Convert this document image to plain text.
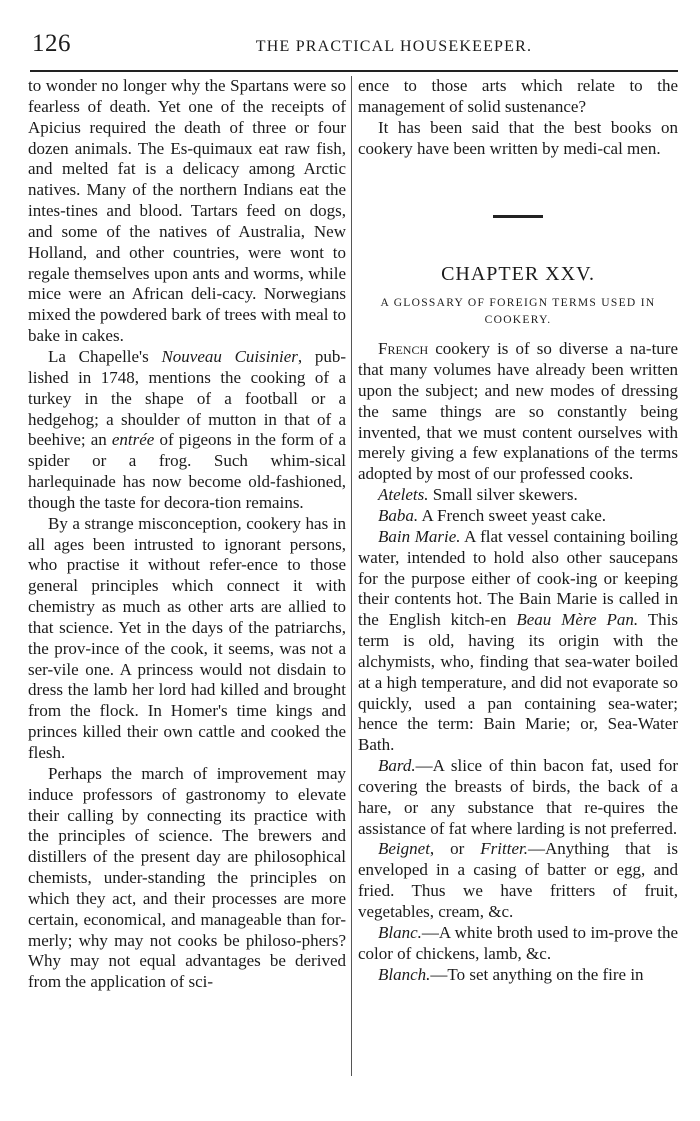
126	THE PRACTICAL HOUSEKEEPER.

to wonder no longer why the Spartans were so fearless of death. Yet one of the receipts of Apicius required the death of three or four dozen animals. The Es-quimaux eat raw fish, and melted fat is a delicacy among Arctic natives. Many of the northern Indians eat the intes-tines and blood. Tartars feed on dogs, and some of the natives of Australia, New Holland, and other countries, were wont to regale themselves upon ants and worms, while mice were an African deli-cacy. Norwegians mixed the powdered bark of trees with meal to bake in cakes.

La Chapelle's Nouveau Cuisinier, pub-lished in 1748, mentions the cooking of a turkey in the shape of a football or a hedgehog; a shoulder of mutton in that of a beehive; an entrée of pigeons in the form of a spider or a frog. Such whim-sical harlequinade has now become old-fashioned, though the taste for decora-tion remains.

By a strange misconception, cookery has in all ages been intrusted to ignorant persons, who practise it without refer-ence to those general principles which connect it with chemistry as much as other arts are allied to that science. Yet in the days of the patriarchs, the prov-ince of the cook, it seems, was not a ser-vile one. A princess would not disdain to dress the lamb her lord had killed and brought from the flock. In Homer's time kings and princes killed their own cattle and cooked the flesh.

Perhaps the march of improvement may induce professors of gastronomy to elevate their calling by connecting its practice with the principles of science. The brewers and distillers of the present day are philosophical chemists, under-standing the principles on which they act, and their processes are more certain, economical, and manageable than for-merly; why may not cooks be philoso-phers? Why may not equal advantages be derived from the application of sci-

ence to those arts which relate to the management of solid sustenance?

It has been said that the best books on cookery have been written by medi-cal men.

CHAPTER XXV.
A GLOSSARY OF FOREIGN TERMS USED IN COOKERY.

French cookery is of so diverse a na-ture that many volumes have already been written upon the subject; and new modes of dressing the same things are so constantly being invented, that we must content ourselves with merely giving a few explanations of the terms adopted by most of our professed cooks.

Atelets. Small silver skewers.

Baba. A French sweet yeast cake.

Bain Marie. A flat vessel containing boiling water, intended to hold also other saucepans for the purpose either of cook-ing or keeping their contents hot. The Bain Marie is called in the English kitch-en Beau Mère Pan. This term is old, having its origin with the alchymists, who, finding that sea-water boiled at a high temperature, and did not evaporate so quickly, used a pan containing sea-water; hence the term: Bain Marie; or, Sea-Water Bath.

Bard.—A slice of thin bacon fat, used for covering the breasts of birds, the back of a hare, or any substance that re-quires the assistance of fat where larding is not preferred.

Beignet, or Fritter.—Anything that is enveloped in a casing of batter or egg, and fried. Thus we have fritters of fruit, vegetables, cream, &c.

Blanc.—A white broth used to im-prove the color of chickens, lamb, &c.

Blanch.—To set anything on the fire in
